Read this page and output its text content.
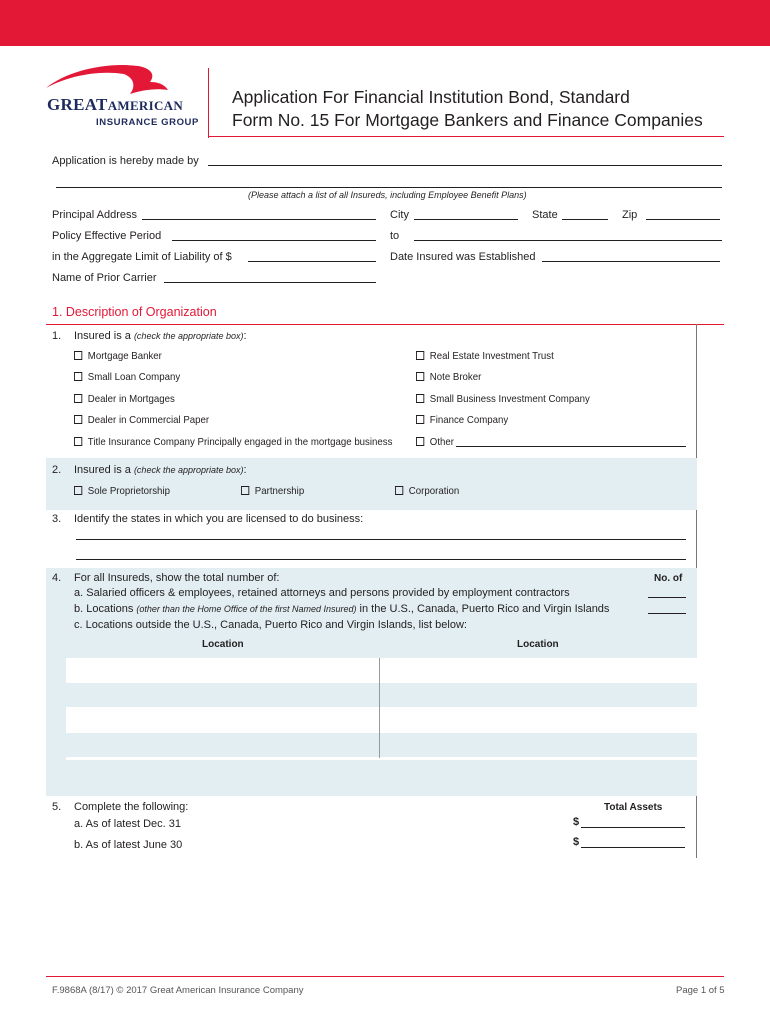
GREATAMERICAN
INSURANCE GROUP
Application For Financial Institution Bond, Standard
Form No. 15 For Mortgage Bankers and Finance Companies
Application is hereby made by
(Please attach a list of all Insureds, including Employee Benefit Plans)
Principal Address	City	State	Zip
Policy Effective Period	to
in the Aggregate Limit of Liability of $	Date Insured was Established
Name of Prior Carrier
1. Description of Organization
1. Insured is a (check the appropriate box):
Mortgage Banker
Small Loan Company
Dealer in Mortgages
Dealer in Commercial Paper
Title Insurance Company Principally engaged in the mortgage business
Real Estate Investment Trust
Note Broker
Small Business Investment Company
Finance Company
Other
2. Insured is a (check the appropriate box):
Sole Proprietorship	Partnership	Corporation
3. Identify the states in which you are licensed to do business:
4. For all Insureds, show the total number of:	No. of
a. Salaried officers & employees, retained attorneys and persons provided by employment contractors
b. Locations (other than the Home Office of the first Named Insured) in the U.S., Canada, Puerto Rico and Virgin Islands
c. Locations outside the U.S., Canada, Puerto Rico and Virgin Islands, list below:
Location	Location
5. Complete the following:	Total Assets
a. As of latest Dec. 31	$
b. As of latest June 30	$
F.9868A (8/17) © 2017 Great American Insurance Company	Page 1 of 5
